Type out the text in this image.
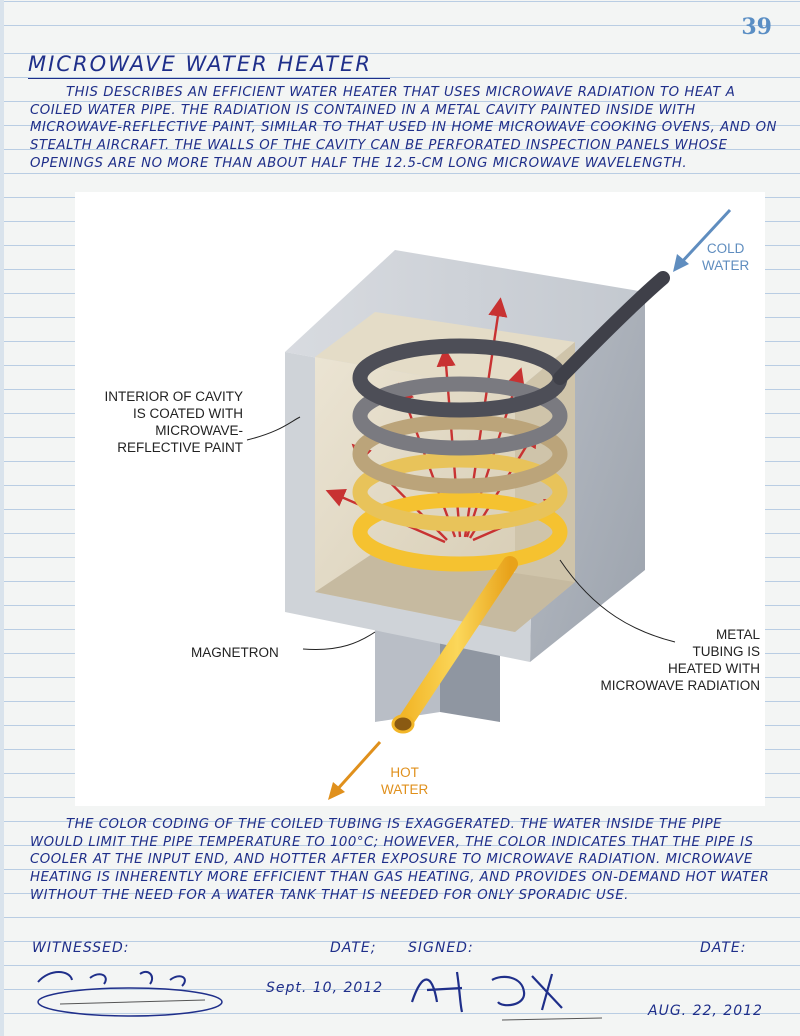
39
MICROWAVE WATER HEATER
THIS DESCRIBES AN EFFICIENT WATER HEATER THAT USES MICROWAVE RADIATION TO HEAT A COILED WATER PIPE. THE RADIATION IS CONTAINED IN A METAL CAVITY PAINTED INSIDE WITH MICROWAVE-REFLECTIVE PAINT, SIMILAR TO THAT USED IN HOME MICROWAVE COOKING OVENS, AND ON STEALTH AIRCRAFT. THE WALLS OF THE CAVITY CAN BE PERFORATED INSPECTION PANELS WHOSE OPENINGS ARE NO MORE THAN ABOUT HALF THE 12.5-CM LONG MICROWAVE WAVELENGTH.
COLD
WATER
INTERIOR OF CAVITY
IS COATED WITH
MICROWAVE-
REFLECTIVE PAINT
MAGNETRON
METAL
TUBING IS
HEATED WITH
MICROWAVE RADIATION
HOT
WATER
THE COLOR CODING OF THE COILED TUBING IS EXAGGERATED. THE WATER INSIDE THE PIPE WOULD LIMIT THE PIPE TEMPERATURE TO 100°C; HOWEVER, THE COLOR INDICATES THAT THE PIPE IS COOLER AT THE INPUT END, AND HOTTER AFTER EXPOSURE TO MICROWAVE RADIATION. MICROWAVE HEATING IS INHERENTLY MORE EFFICIENT THAN GAS HEATING, AND PROVIDES ON-DEMAND HOT WATER WITHOUT THE NEED FOR A WATER TANK THAT IS NEEDED FOR ONLY SPORADIC USE.
WITNESSED:	DATE; SIGNED:	DATE:
Sept. 10, 2012
AUG. 22, 2012
